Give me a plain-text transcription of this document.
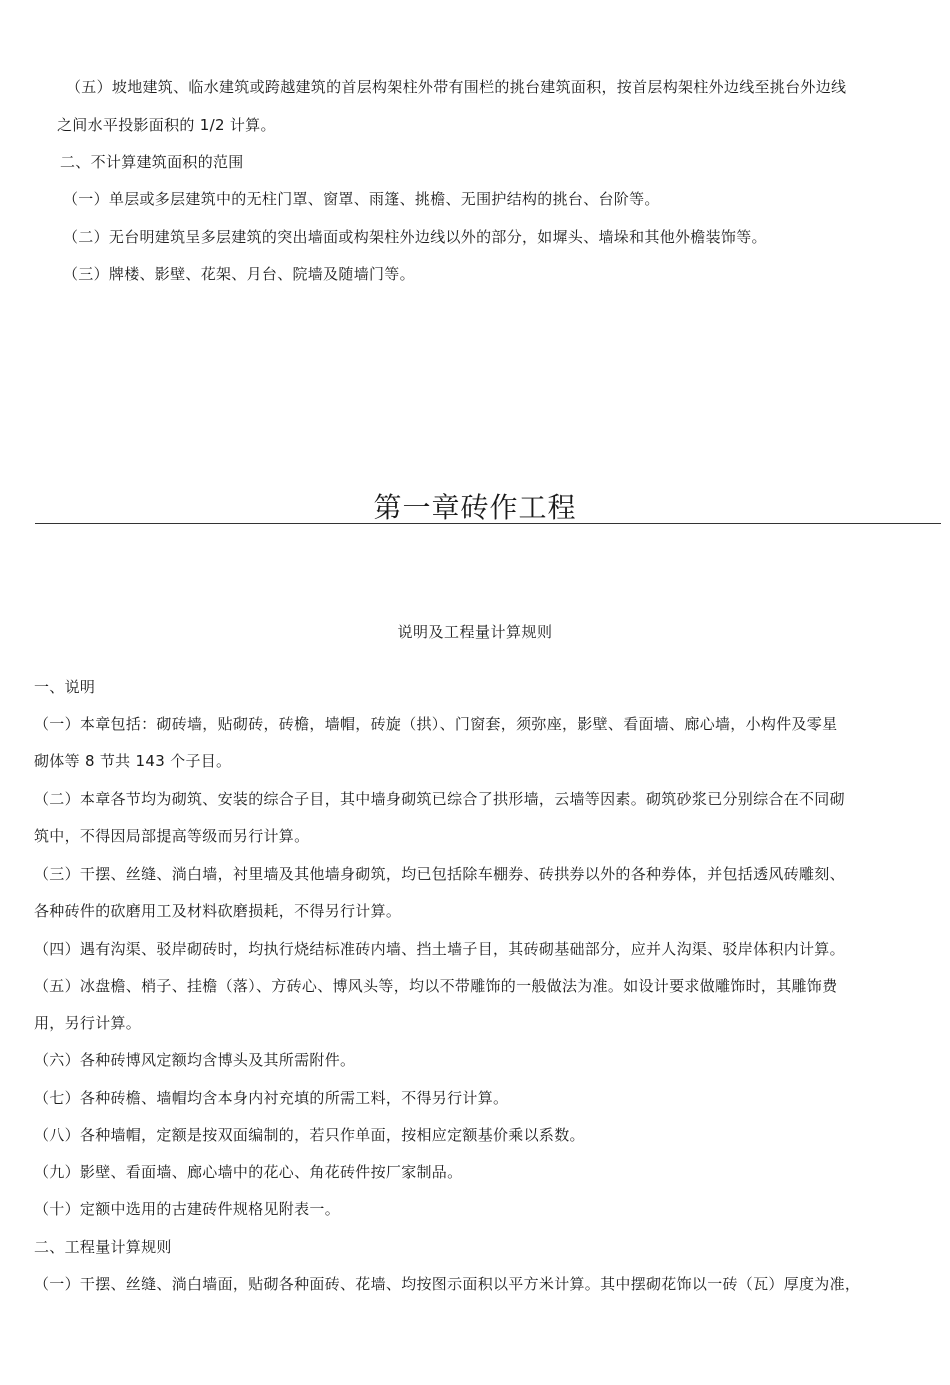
（五）坡地建筑、临水建筑或跨越建筑的首层构架柱外带有围栏的挑台建筑面积，按首层构架柱外边线至挑台外边线
之间水平投影面积的 1/2 计算。
二、不计算建筑面积的范围
（一）单层或多层建筑中的无柱门罩、窗罩、雨篷、挑檐、无围护结构的挑台、台阶等。
（二）无台明建筑呈多层建筑的突出墙面或构架柱外边线以外的部分，如墀头、墙垛和其他外檐装饰等。
（三）牌楼、影壁、花架、月台、院墙及随墙门等。
第一章砖作工程
说明及工程量计算规则
一、说明
（一）本章包括：砌砖墙，贴砌砖，砖檐，墙帽，砖旋（拱）、门窗套，须弥座，影壁、看面墙、廊心墙，小构件及零星
砌体等 8 节共 143 个子目。
（二）本章各节均为砌筑、安装的综合子目，其中墙身砌筑已综合了拱形墙，云墙等因素。砌筑砂浆已分别综合在不同砌
筑中，不得因局部提高等级而另行计算。
（三）干摆、丝缝、淌白墙，衬里墙及其他墙身砌筑，均已包括除车棚券、砖拱券以外的各种券体，并包括透风砖雕刻、
各种砖件的砍磨用工及材料砍磨损耗，不得另行计算。
（四）遇有沟渠、驳岸砌砖时，均执行烧结标准砖内墙、挡土墙子目，其砖砌基础部分，应并人沟渠、驳岸体积内计算。
（五）冰盘檐、梢子、挂檐（落）、方砖心、博风头等，均以不带雕饰的一般做法为准。如设计要求做雕饰时，其雕饰费
用，另行计算。
（六）各种砖博风定额均含博头及其所需附件。
（七）各种砖檐、墙帽均含本身内衬充填的所需工料，不得另行计算。
（八）各种墙帽，定额是按双面编制的，若只作单面，按相应定额基价乘以系数。
（九）影壁、看面墙、廊心墙中的花心、角花砖件按厂家制品。
（十）定额中选用的古建砖件规格见附表一。
二、工程量计算规则
（一）干摆、丝缝、淌白墙面，贴砌各种面砖、花墙、均按图示面积以平方米计算。其中摆砌花饰以一砖（瓦）厚度为准，
